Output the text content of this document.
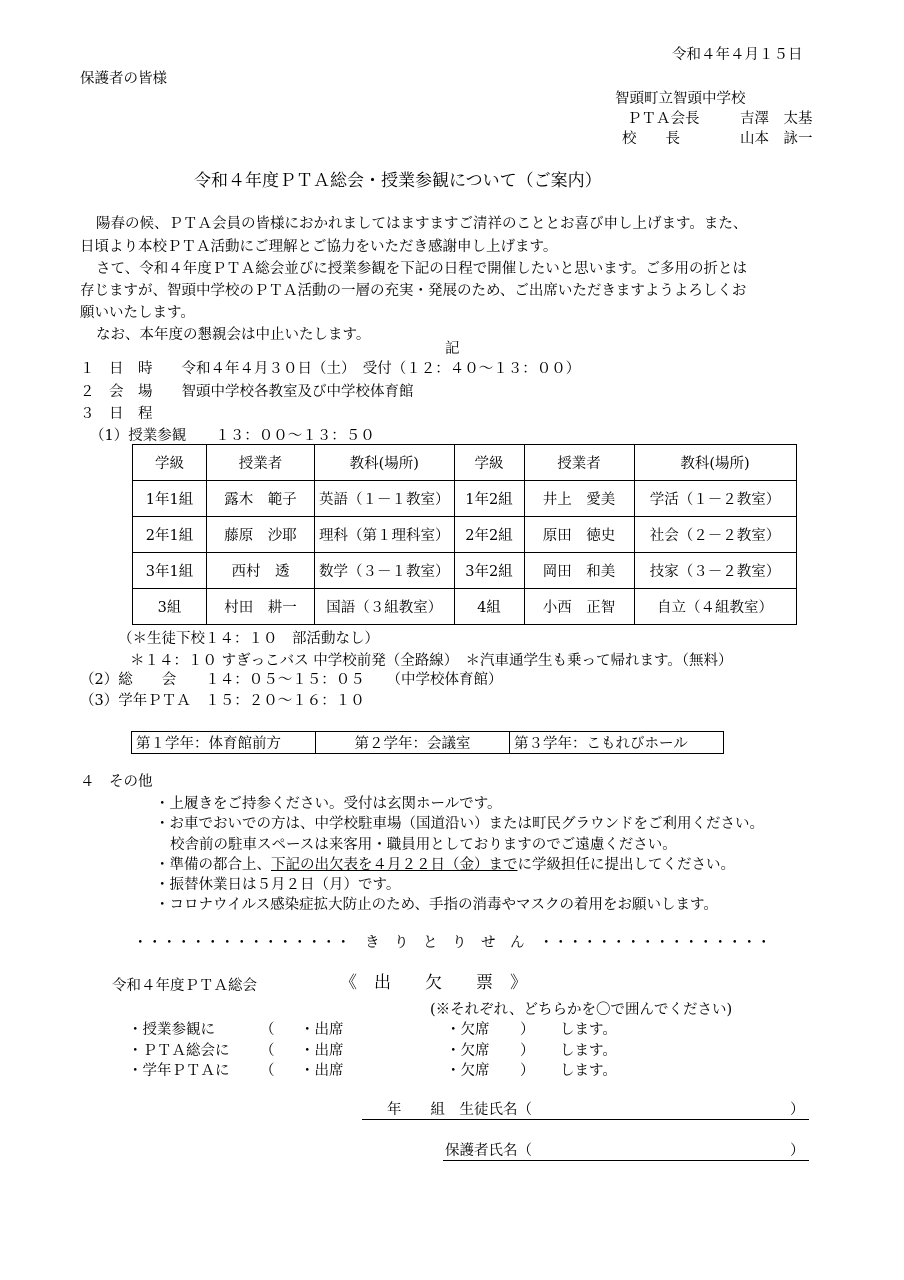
令和４年４月１５日
保護者の皆様
智頭町立智頭中学校
ＰＴＡ会長	吉澤　太基
校　　長	山本　詠一
令和４年度ＰＴＡ総会・授業参観について（ご案内）
陽春の候、ＰＴＡ会員の皆様におかれましてはますますご清祥のこととお喜び申し上げます。また、
日頃より本校ＰＴＡ活動にご理解とご協力をいただき感謝申し上げます。
さて、令和４年度ＰＴＡ総会並びに授業参観を下記の日程で開催したいと思います。ご多用の折とは
存じますが、智頭中学校のＰＴＡ活動の一層の充実・発展のため、ご出席いただきますようよろしくお
願いいたします。
なお、本年度の懇親会は中止いたします。
記
１　日　時　　令和４年４月３０日（土）　受付（１２：４０～１３：００）
２　会　場　　智頭中学校各教室及び中学校体育館
３　日　程
（1）授業参観　　１３：００～１３：５０
学級	授業者	教科(場所)	学級	授業者	教科(場所)
1年1組	露木　範子	英語（１－１教室）	1年2組	井上　愛美	学活（１－２教室）
2年1組	藤原　沙耶	理科（第１理科室）	2年2組	原田　徳史	社会（２－２教室）
3年1組	西村　透	数学（３－１教室）	3年2組	岡田　和美	技家（３－２教室）
3組	村田　耕一	国語（３組教室）	4組	小西　正智	自立（４組教室）
（＊生徒下校１４：１０　部活動なし）
＊１４：１０ すぎっこバス 中学校前発（全路線）　＊汽車通学生も乗って帰れます。（無料）
（2）総　　会　　１４：０５～１５：０５　　（中学校体育館）
（3）学年ＰＴＡ　１５：２０～１６：１０
第１学年：体育館前方	第２学年：会議室	第３学年：こもれびホール
４　その他
・上履きをご持参ください。受付は玄関ホールです。
・お車でおいでの方は、中学校駐車場（国道沿い）または町民グラウンドをご利用ください。
校舎前の駐車スペースは来客用・職員用としておりますのでご遠慮ください。
・準備の都合上、下記の出欠表を４月２２日（金）までに学級担任に提出してください。
・振替休業日は５月２日（月）です。
・コロナウイルス感染症拡大防止のため、手指の消毒やマスクの着用をお願いします。
・・・・・・・・・・・・・・・　き　り　と　り　せ　ん　・・・・・・・・・・・・・・・・
令和４年度ＰＴＡ総会	《　出　　欠　　票　》
(※それぞれ、どちらかを〇で囲んでください)
・授業参観に	（ ・出席	・欠席 ） します。
・ＰＴＡ総会に （ ・出席	・欠席 ） します。
・学年ＰＴＡに （ ・出席	・欠席 ） します。
年　　組　生徒氏名（	）
保護者氏名（	）
